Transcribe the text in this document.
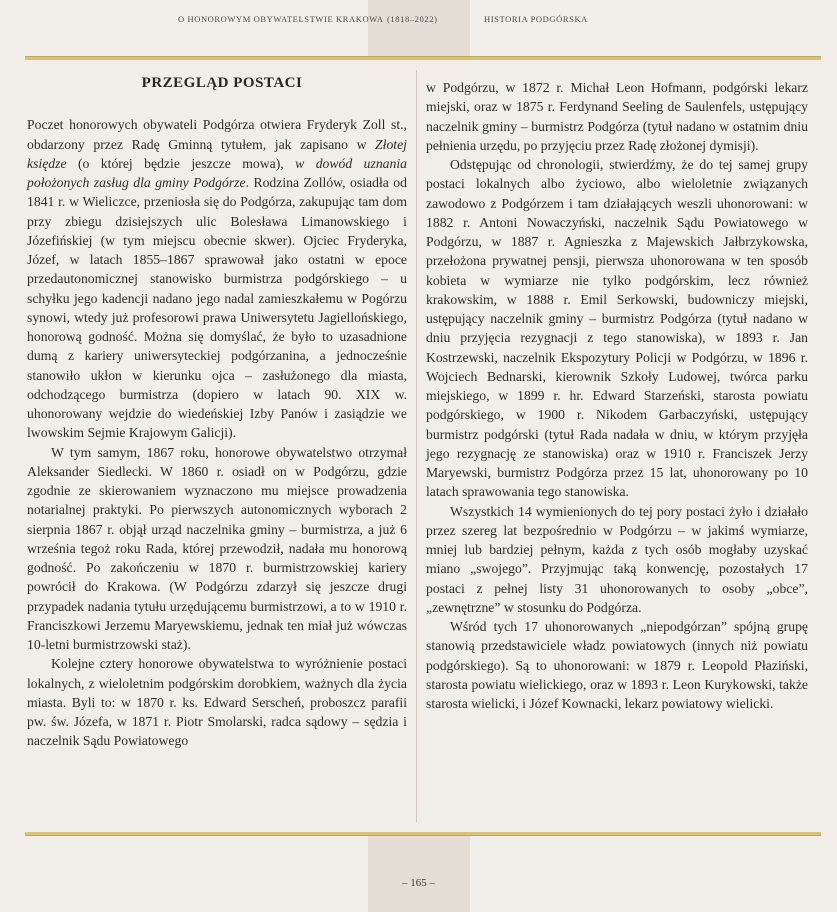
O HONOROWYM OBYWATELSTWIE KRAKOWA (1818–2022)	HISTORIA PODGÓRSKA
PRZEGLĄD POSTACI

Poczet honorowych obywateli Podgórza otwiera Fryderyk Zoll st., obdarzony przez Radę Gminną tytułem, jak zapisano w Złotej księdze (o której będzie jeszcze mowa), w dowód uznania położonych zasług dla gminy Podgórze. Rodzina Zollów, osiadła od 1841 r. w Wieliczce, przeniosła się do Podgórza, zakupując tam dom przy zbiegu dzisiejszych ulic Bolesława Limanowskiego i Józefińskiej (w tym miejscu obecnie skwer). Ojciec Fryderyka, Józef, w latach 1855–1867 sprawował jako ostatni w epoce przedautonomicznej stanowisko burmistrza podgórskiego – u schyłku jego kadencji nadano jego nadal zamieszkałemu w Pogórzu synowi, wtedy już profesorowi prawa Uniwersytetu Jagiellońskiego, honorową godność. Można się domyślać, że było to uzasadnione dumą z kariery uniwersyteckiej podgórzanina, a jednocześnie stanowiło ukłon w kierunku ojca – zasłużonego dla miasta, odchodzącego burmistrza (dopiero w latach 90. XIX w. uhonorowany wejdzie do wiedeńskiej Izby Panów i zasiądzie we lwowskim Sejmie Krajowym Galicji).

W tym samym, 1867 roku, honorowe obywatelstwo otrzymał Aleksander Siedlecki. W 1860 r. osiadł on w Podgórzu, gdzie zgodnie ze skierowaniem wyznaczono mu miejsce prowadzenia notarialnej praktyki. Po pierwszych autonomicznych wyborach 2 sierpnia 1867 r. objął urząd naczelnika gminy – burmistrza, a już 6 września tegoż roku Rada, której przewodził, nadała mu honorową godność. Po zakończeniu w 1870 r. burmistrzowskiej kariery powrócił do Krakowa. (W Podgórzu zdarzył się jeszcze drugi przypadek nadania tytułu urzędującemu burmistrzowi, a to w 1910 r. Franciszkowi Jerzemu Maryewskiemu, jednak ten miał już wówczas 10-letni burmistrzowski staż).

Kolejne cztery honorowe obywatelstwa to wyróżnienie postaci lokalnych, z wieloletnim podgórskim dorobkiem, ważnych dla życia miasta. Byli to: w 1870 r. ks. Edward Serscheń, proboszcz parafii pw. św. Józefa, w 1871 r. Piotr Smolarski, radca sądowy – sędzia i naczelnik Sądu Powiatowego

w Podgórzu, w 1872 r. Michał Leon Hofmann, podgórski lekarz miejski, oraz w 1875 r. Ferdynand Seeling de Saulenfels, ustępujący naczelnik gminy – burmistrz Podgórza (tytuł nadano w ostatnim dniu pełnienia urzędu, po przyjęciu przez Radę złożonej dymisji).

Odstępując od chronologii, stwierdźmy, że do tej samej grupy postaci lokalnych albo życiowo, albo wieloletnie związanych zawodowo z Podgórzem i tam działających weszli uhonorowani: w 1882 r. Antoni Nowaczyński, naczelnik Sądu Powiatowego w Podgórzu, w 1887 r. Agnieszka z Majewskich Jałbrzykowska, przełożona prywatnej pensji, pierwsza uhonorowana w ten sposób kobieta w wymiarze nie tylko podgórskim, lecz również krakowskim, w 1888 r. Emil Serkowski, budowniczy miejski, ustępujący naczelnik gminy – burmistrz Podgórza (tytuł nadano w dniu przyjęcia rezygnacji z tego stanowiska), w 1893 r. Jan Kostrzewski, naczelnik Ekspozytury Policji w Podgórzu, w 1896 r. Wojciech Bednarski, kierownik Szkoły Ludowej, twórca parku miejskiego, w 1899 r. hr. Edward Starzeński, starosta powiatu podgórskiego, w 1900 r. Nikodem Garbaczyński, ustępujący burmistrz podgórski (tytuł Rada nadała w dniu, w którym przyjęła jego rezygnację ze stanowiska) oraz w 1910 r. Franciszek Jerzy Maryewski, burmistrz Podgórza przez 15 lat, uhonorowany po 10 latach sprawowania tego stanowiska.

Wszystkich 14 wymienionych do tej pory postaci żyło i działało przez szereg lat bezpośrednio w Podgórzu – w jakimś wymiarze, mniej lub bardziej pełnym, każda z tych osób mogłaby uzyskać miano „swojego”. Przyjmując taką konwencję, pozostałych 17 postaci z pełnej listy 31 uhonorowanych to osoby „obce”, „zewnętrzne” w stosunku do Podgórza.

Wśród tych 17 uhonorowanych „niepodgórzan” spójną grupę stanowią przedstawiciele władz powiatowych (innych niż powiatu podgórskiego). Są to uhonorowani: w 1879 r. Leopold Płaziński, starosta powiatu wielickiego, oraz w 1893 r. Leon Kurykowski, także starosta wielicki, i Józef Kownacki, lekarz powiatowy wielicki.

– 165 –
